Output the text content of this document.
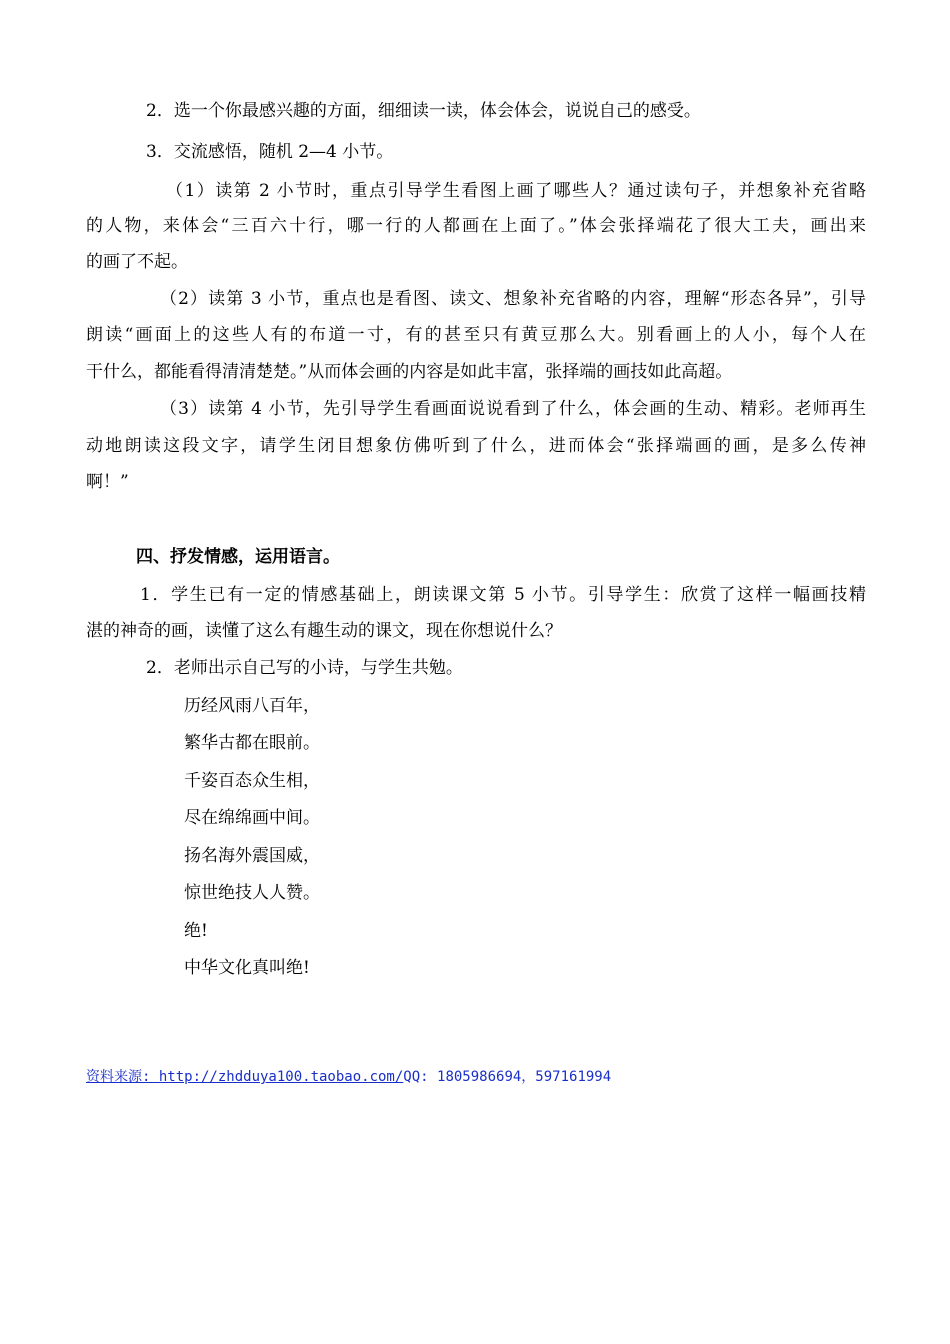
2．选一个你最感兴趣的方面，细细读一读，体会体会，说说自己的感受。
3．交流感悟，随机 2—4 小节。
（1）读第 2 小节时，重点引导学生看图上画了哪些人？通过读句子，并想象补充省略
的人物，来体会“三百六十行，哪一行的人都画在上面了。”体会张择端花了很大工夫，画出来
的画了不起。
（2）读第 3 小节，重点也是看图、读文、想象补充省略的内容，理解“形态各异”，引导
朗读“画面上的这些人有的布道一寸，有的甚至只有黄豆那么大。别看画上的人小，每个人在
干什么，都能看得清清楚楚。”从而体会画的内容是如此丰富，张择端的画技如此高超。
（3）读第 4 小节，先引导学生看画面说说看到了什么，体会画的生动、精彩。老师再生
动地朗读这段文字，请学生闭目想象仿佛听到了什么，进而体会“张择端画的画，是多么传神
啊！”
四、抒发情感，运用语言。
1．学生已有一定的情感基础上，朗读课文第 5 小节。引导学生：欣赏了这样一幅画技精
湛的神奇的画，读懂了这么有趣生动的课文，现在你想说什么？
2．老师出示自己写的小诗，与学生共勉。
历经风雨八百年，
繁华古都在眼前。
千姿百态众生相，
尽在绵绵画中间。
扬名海外震国威，
惊世绝技人人赞。
绝!
中华文化真叫绝!
资料来源: http://zhdduya100.taobao.com/QQ: 1805986694，597161994
